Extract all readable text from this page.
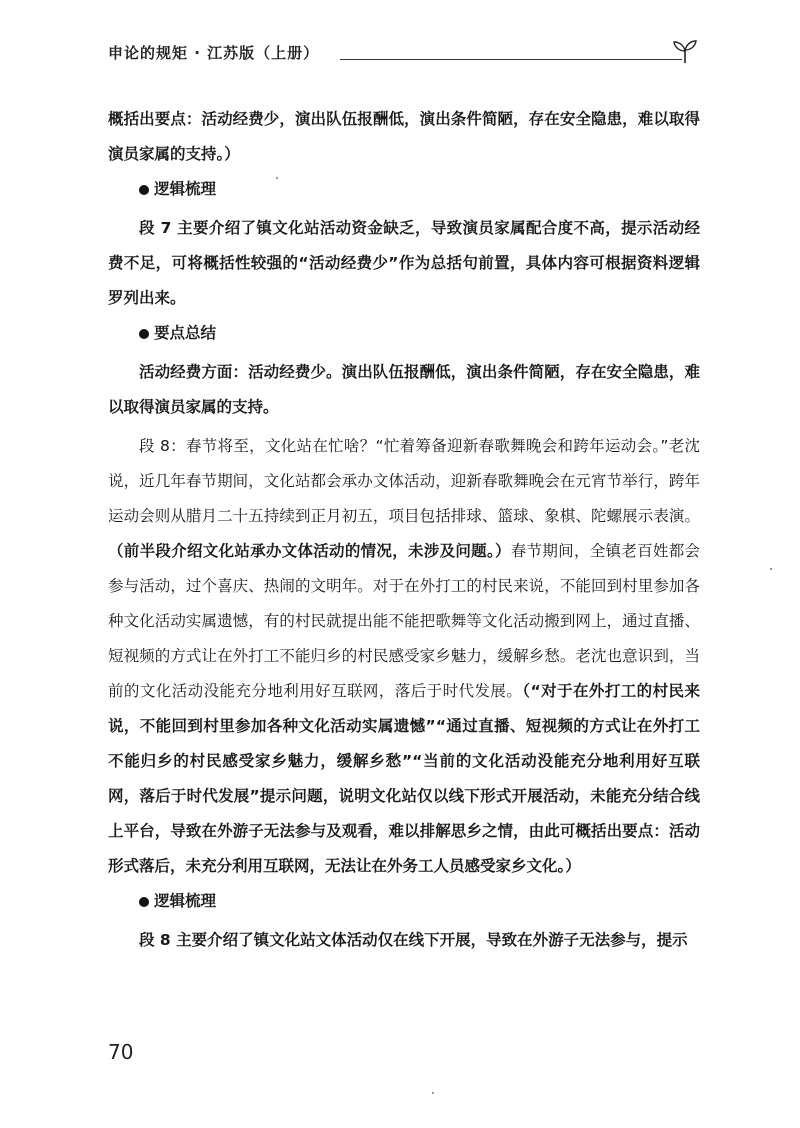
申论的规矩 · 江苏版（上册）

概括出要点：活动经费少，演出队伍报酬低，演出条件简陋，存在安全隐患，难以取得演员家属的支持。）

逻辑梳理

段 7 主要介绍了镇文化站活动资金缺乏，导致演员家属配合度不高，提示活动经费不足，可将概括性较强的“活动经费少”作为总括句前置，具体内容可根据资料逻辑罗列出来。

要点总结

活动经费方面：活动经费少。演出队伍报酬低，演出条件简陋，存在安全隐患，难以取得演员家属的支持。

段 8：春节将至，文化站在忙啥？“忙着筹备迎新春歌舞晚会和跨年运动会。”老沈说，近几年春节期间，文化站都会承办文体活动，迎新春歌舞晚会在元宵节举行，跨年运动会则从腊月二十五持续到正月初五，项目包括排球、篮球、象棋、陀螺展示表演。（前半段介绍文化站承办文体活动的情况，未涉及问题。）春节期间，全镇老百姓都会参与活动，过个喜庆、热闹的文明年。对于在外打工的村民来说，不能回到村里参加各种文化活动实属遗憾，有的村民就提出能不能把歌舞等文化活动搬到网上，通过直播、短视频的方式让在外打工不能归乡的村民感受家乡魅力，缓解乡愁。老沈也意识到，当前的文化活动没能充分地利用好互联网，落后于时代发展。（“对于在外打工的村民来说，不能回到村里参加各种文化活动实属遗憾”“通过直播、短视频的方式让在外打工不能归乡的村民感受家乡魅力，缓解乡愁”“当前的文化活动没能充分地利用好互联网，落后于时代发展”提示问题，说明文化站仅以线下形式开展活动，未能充分结合线上平台，导致在外游子无法参与及观看，难以排解思乡之情，由此可概括出要点：活动形式落后，未充分利用互联网，无法让在外务工人员感受家乡文化。）

逻辑梳理

段 8 主要介绍了镇文化站文体活动仅在线下开展，导致在外游子无法参与，提示

70
